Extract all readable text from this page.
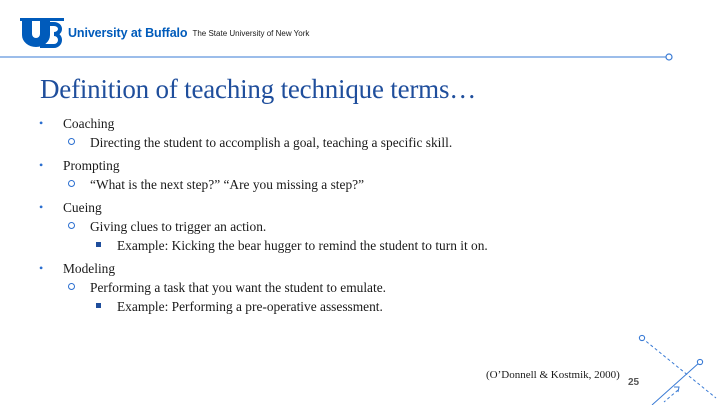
University at Buffalo The State University of New York
Definition of teaching technique terms…
• Coaching
Directing the student to accomplish a goal, teaching a specific skill.
• Prompting
“What is the next step?” “Are you missing a step?”
• Cueing
Giving clues to trigger an action.
Example: Kicking the bear hugger to remind the student to turn it on.
• Modeling
Performing a task that you want the student to emulate.
Example: Performing a pre-operative assessment.
(O’Donnell & Kostmik, 2000)
25
